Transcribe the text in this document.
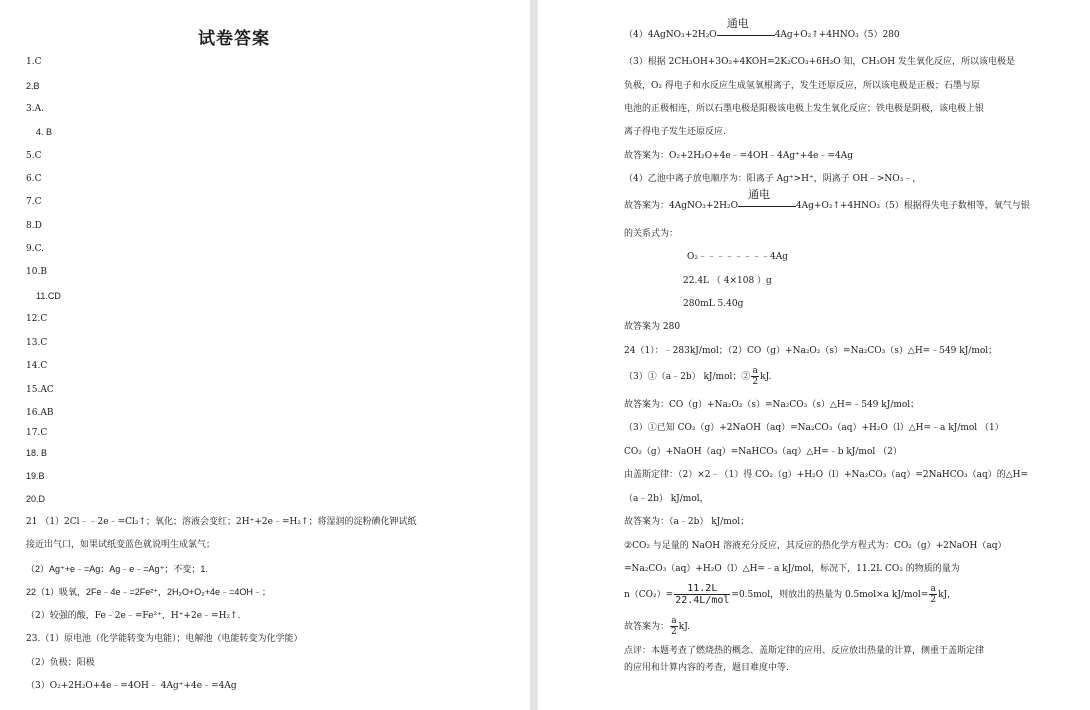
试卷答案
1.C
2.B
3.A.
4. B
5.C
6.C
7.C
8.D
9.C.
10.B
11.CD
12.C
13.C
14.C
15.AC
16.AB
17.C
18. B
19.B
20.D
21 （1）2Cl﹣﹣2e﹣=Cl₂↑；氧化；溶液会变红；2H⁺+2e﹣=H₂↑；将湿润的淀粉碘化钾试纸
接近出气口，如果试纸变蓝色就说明生成氯气；
（2）Ag⁺+e﹣=Ag；Ag﹣e﹣=Ag⁺；不变；1.
22（1）吸氧，2Fe﹣4e﹣=2Fe²⁺，2H₂O+O₂+4e﹣=4OH﹣；
（2）较强的酸，Fe﹣2e﹣=Fe²⁺，H⁺+2e﹣=H₂↑.
23.（1）原电池（化学能转变为电能）；电解池（电能转变为化学能）
（2）负极；阳极
（3）O₂+2H₂O+4e﹣=4OH﹣ 4Ag⁺+4e﹣=4Ag
（4）4AgNO₃+2H₂O
通电
4Ag+O₂↑+4HNO₃（5）280
（3）根据 2CH₃OH+3O₂+4KOH=2K₂CO₃+6H₂O 知，CH₃OH 发生氧化反应，所以该电极是
负极，O₂ 得电子和水反应生成氢氧根离子，发生还原反应，所以该电极是正极；石墨与原
电池的正极相连，所以石墨电极是阳极该电极上发生氧化反应；铁电极是阴极，该电极上银
离子得电子发生还原反应.
故答案为：O₂+2H₂O+4e﹣=4OH﹣4Ag⁺+4e﹣=4Ag
（4）乙池中离子放电顺序为：阳离子 Ag⁺>H⁺，阴离子 OH﹣>NO₃﹣，
故答案为：4AgNO₃+2H₂O
通电
4Ag+O₂↑+4HNO₃（5）根据得失电子数相等，氧气与银
的关系式为：
O₂﹣﹣﹣﹣﹣﹣﹣﹣4Ag
22.4L （ 4×108 ）g
280mL 5.40g
故答案为 280
24（1）：﹣283kJ/mol；（2）CO（g）+Na₂O₂（s）=Na₂CO₃（s）△H=﹣549 kJ/mol；
（3）①（a﹣2b） kJ/mol；② $\frac{a}{2}$ kJ.
故答案为：CO（g）+Na₂O₂（s）=Na₂CO₃（s）△H=﹣549 kJ/mol；
（3）①已知 CO₂（g）+2NaOH（aq）=Na₂CO₃（aq）+H₂O（l）△H=﹣a kJ/mol （1）
CO₂（g）+NaOH（aq）=NaHCO₃（aq）△H=﹣b kJ/mol （2）
由盖斯定律：（2）×2﹣（1）得 CO₂（g）+H₂O（l）+Na₂CO₃（aq）=2NaHCO₃（aq）的△H=
（a﹣2b） kJ/mol，
故答案为：（a﹣2b） kJ/mol；
②CO₂ 与足量的 NaOH 溶液充分反应，其反应的热化学方程式为：CO₂（g）+2NaOH（aq）
=Na₂CO₃（aq）+H₂O（l）△H=﹣a kJ/mol，标况下，11.2L CO₂ 的物质的量为
$n(CO_2)= \frac{11.2L}{\text{22.4L/mol}} =0.5mol$，则放出的热量为 0.5mol×a $kJ/mol= \frac{a}{2}$ kJ，
故答案为： $\frac{a}{2}$ kJ.
点评：本题考查了燃烧热的概念、盖斯定律的应用、反应放出热量的计算，侧重于盖斯定律
的应用和计算内容的考查，题目难度中等.
